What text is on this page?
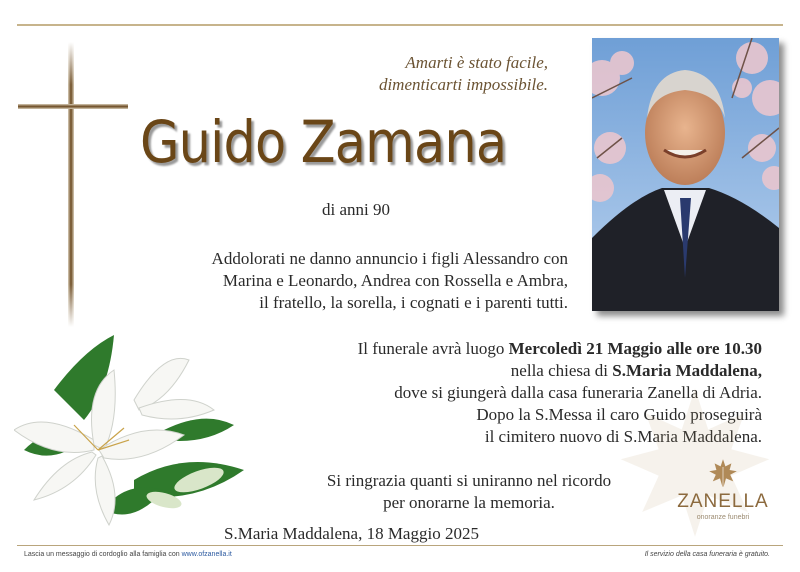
Amarti è stato facile,
dimenticarti impossibile.
Guido Zamana
di anni 90
Addolorati ne danno annuncio i figli Alessandro con
Marina e Leonardo, Andrea con Rossella e Ambra,
il fratello, la sorella, i cognati e i parenti tutti.
Il funerale avrà luogo Mercoledì 21 Maggio alle ore 10.30
nella chiesa di S.Maria Maddalena,
dove si giungerà dalla casa funeraria Zanella di Adria.
Dopo la S.Messa il caro Guido proseguirà
il cimitero nuovo di S.Maria Maddalena.
Si ringrazia quanti si uniranno nel ricordo
per onorarne la memoria.
S.Maria Maddalena, 18 Maggio 2025
ZANELLA
onoranze funebri
Lascia un messaggio di cordoglio alla famiglia con www.ofzanella.it	Il servizio della casa funeraria è gratuito.
